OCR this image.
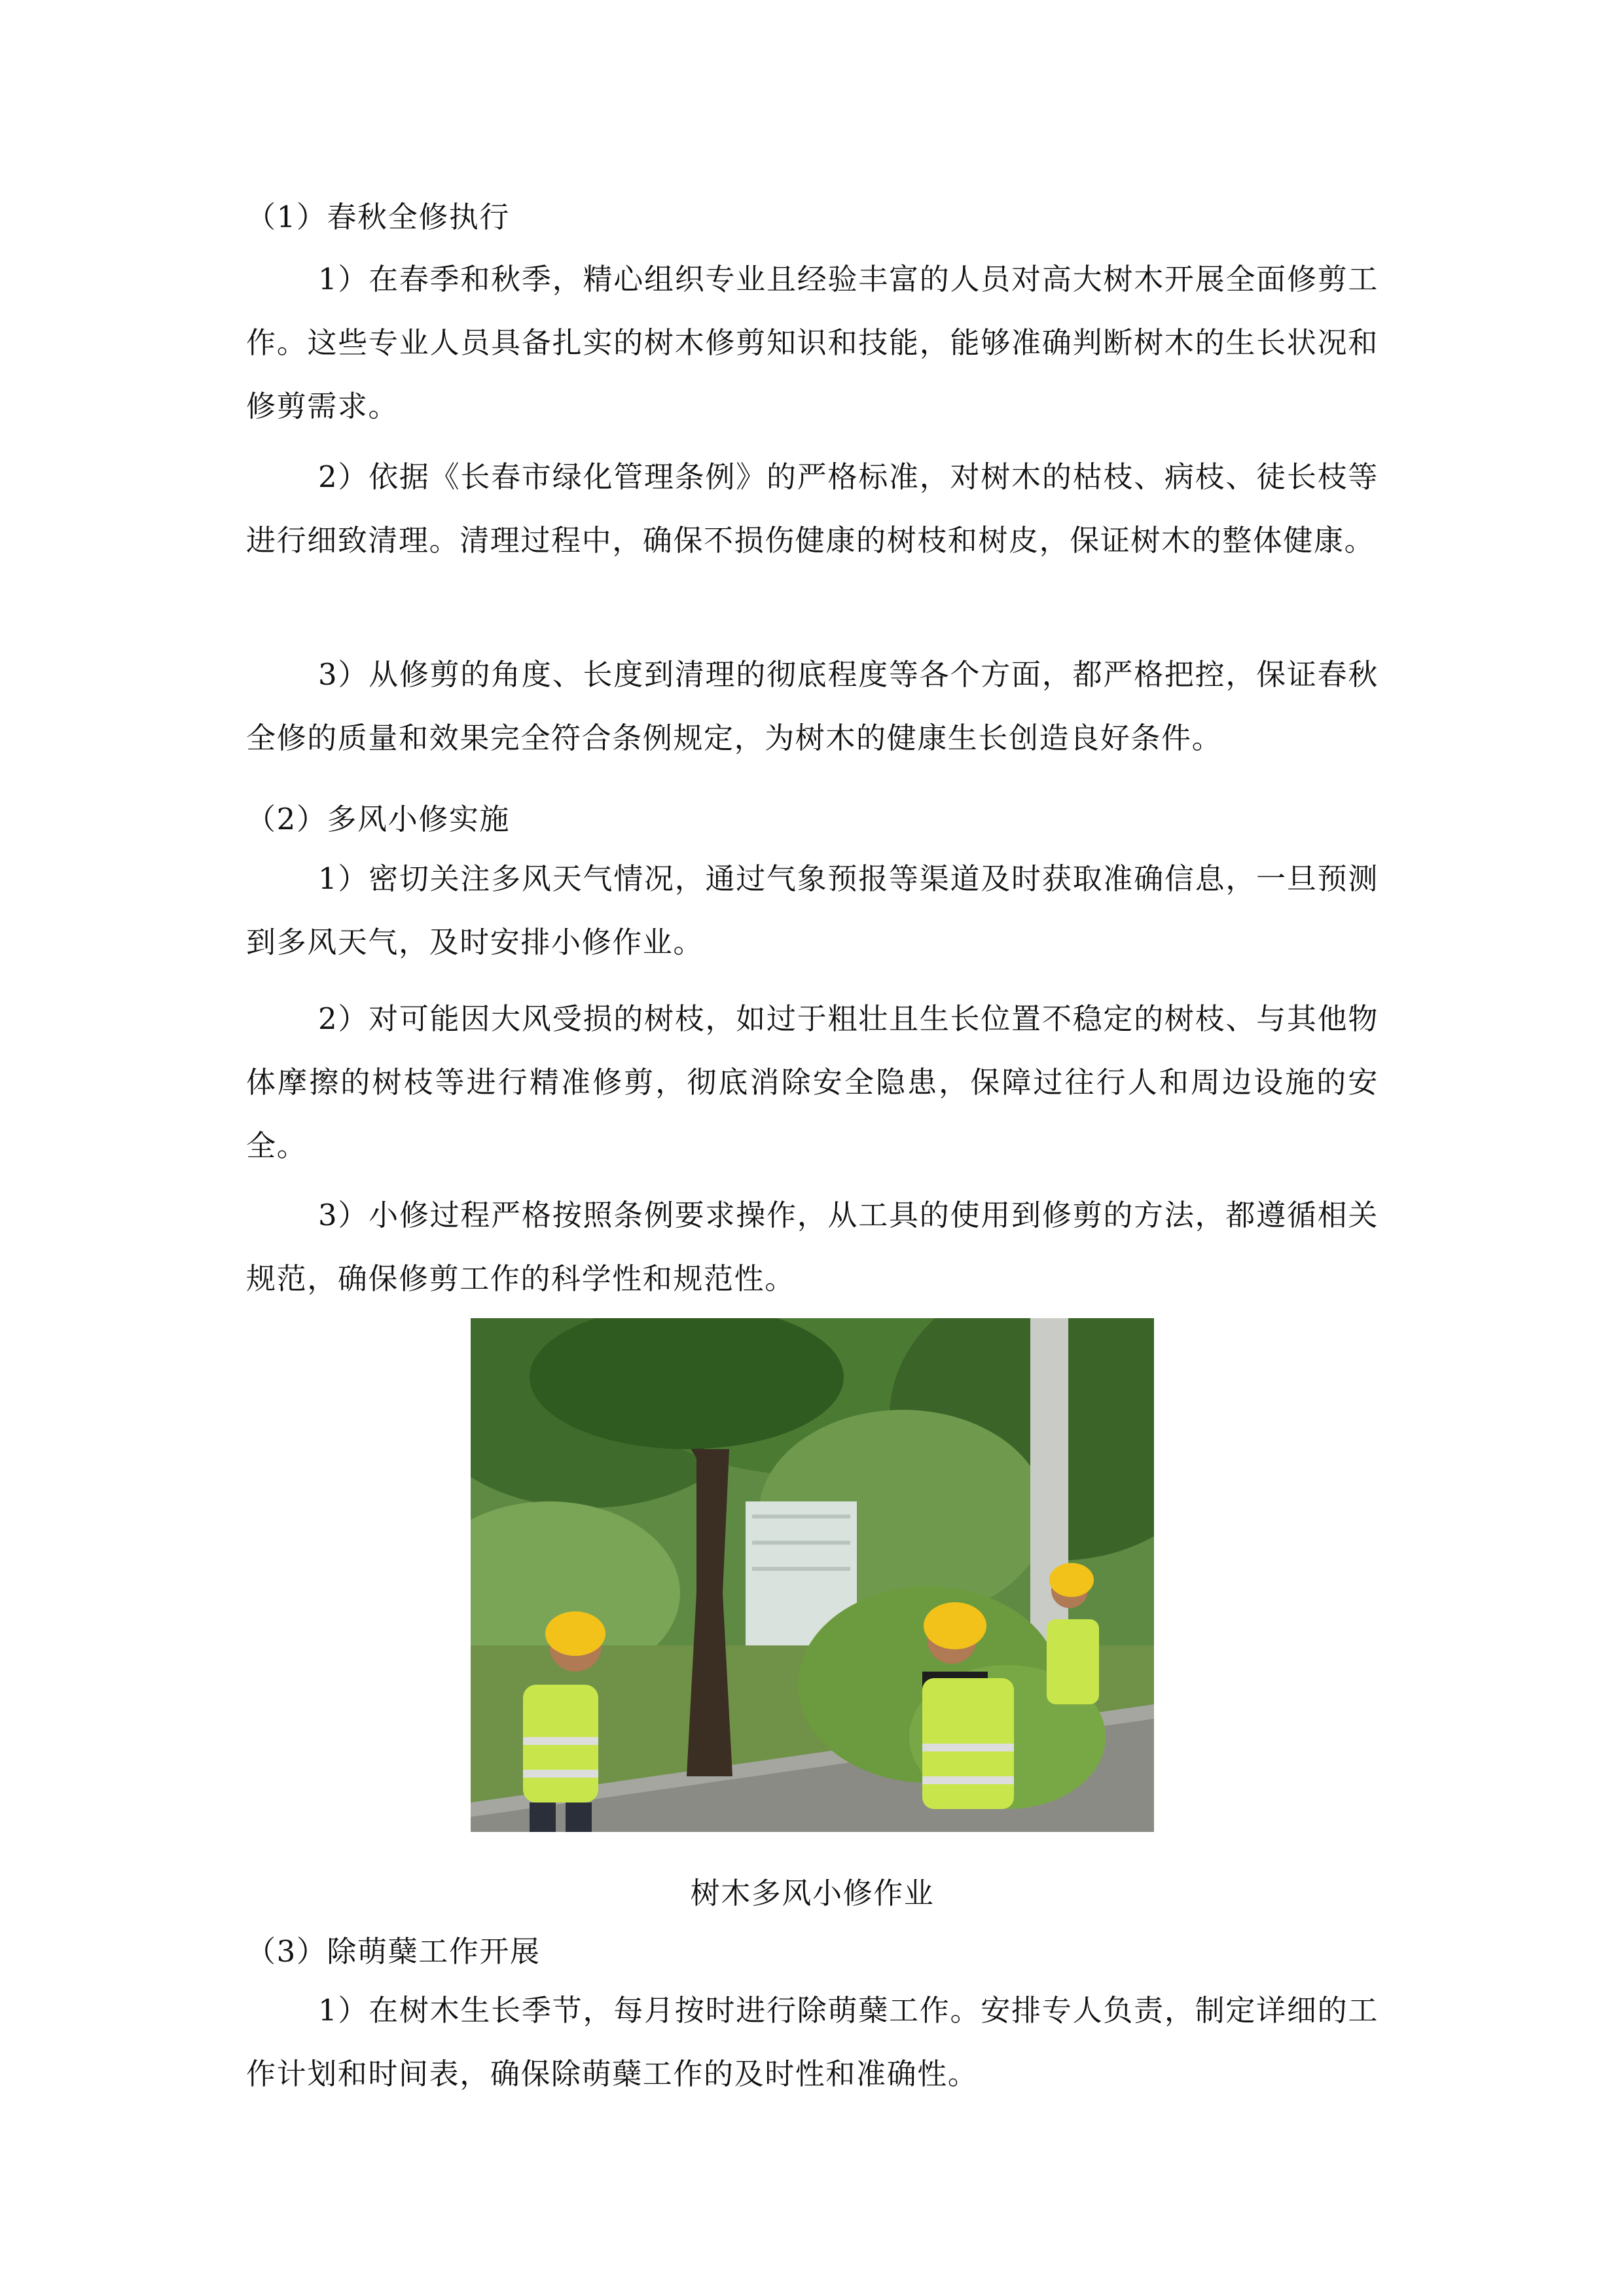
（1）春秋全修执行

1）在春季和秋季，精心组织专业且经验丰富的人员对高大树木开展全面修剪工作。这些专业人员具备扎实的树木修剪知识和技能，能够准确判断树木的生长状况和修剪需求。

2）依据《长春市绿化管理条例》的严格标准，对树木的枯枝、病枝、徒长枝等进行细致清理。清理过程中，确保不损伤健康的树枝和树皮，保证树木的整体健康。

3）从修剪的角度、长度到清理的彻底程度等各个方面，都严格把控，保证春秋全修的质量和效果完全符合条例规定，为树木的健康生长创造良好条件。

（2）多风小修实施

1）密切关注多风天气情况，通过气象预报等渠道及时获取准确信息，一旦预测到多风天气，及时安排小修作业。

2）对可能因大风受损的树枝，如过于粗壮且生长位置不稳定的树枝、与其他物体摩擦的树枝等进行精准修剪，彻底消除安全隐患，保障过往行人和周边设施的安全。

3）小修过程严格按照条例要求操作，从工具的使用到修剪的方法，都遵循相关规范，确保修剪工作的科学性和规范性。

树木多风小修作业

（3）除萌蘖工作开展

1）在树木生长季节，每月按时进行除萌蘖工作。安排专人负责，制定详细的工作计划和时间表，确保除萌蘖工作的及时性和准确性。
